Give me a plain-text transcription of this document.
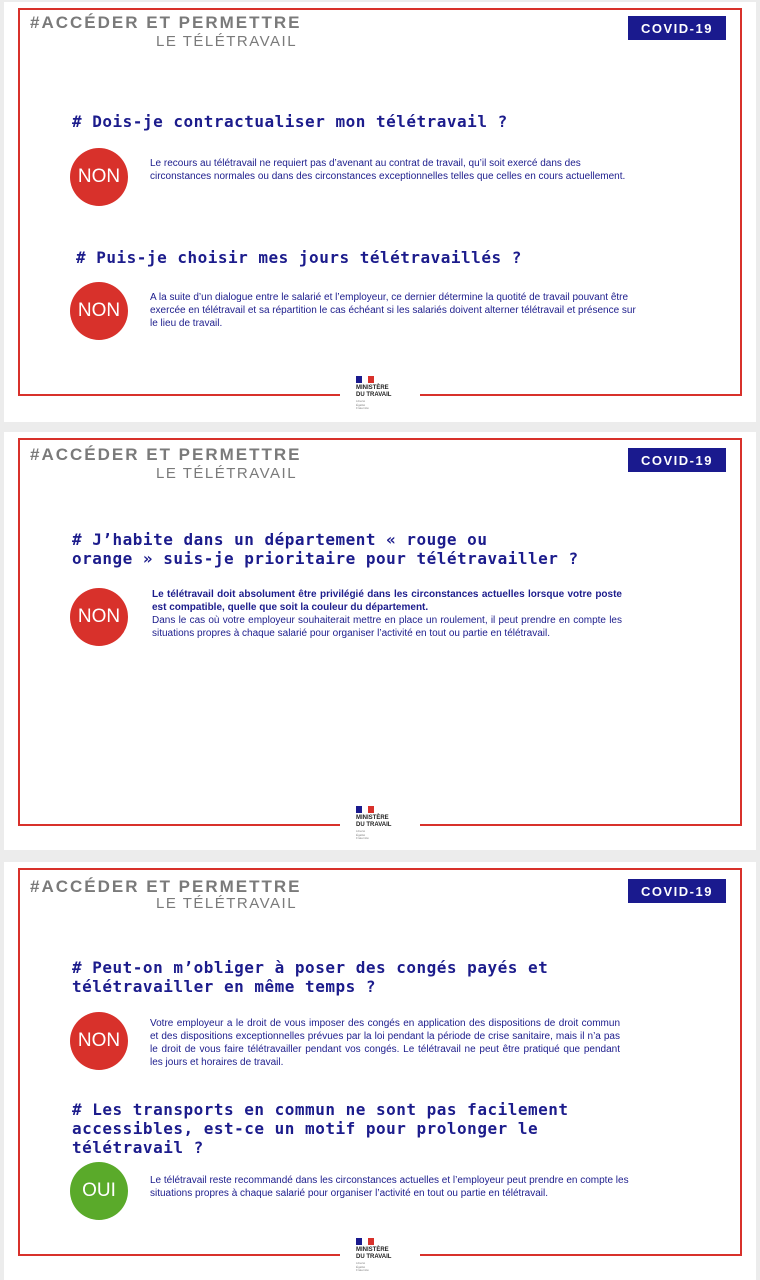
#ACCÉDER ET PERMETTRE
LE TÉLÉTRAVAIL
COVID-19
# Dois-je contractualiser mon télétravail ?
NON
Le recours au télétravail ne requiert pas d’avenant au contrat de travail, qu’il soit exercé dans des circonstances normales ou dans des circonstances exceptionnelles telles que celles en cours actuellement.
# Puis-je choisir mes jours télétravaillés ?
NON
A la suite d’un dialogue entre le salarié et l’employeur, ce dernier détermine la quotité de travail pouvant être exercée en télétravail et sa répartition le cas échéant si les salariés doivent alterner télétravail et présence sur le lieu de travail.
MINISTÈRE
DU TRAVAIL
Liberté
Égalité
Fraternité
#ACCÉDER ET PERMETTRE
LE TÉLÉTRAVAIL
COVID-19
# J’habite dans un département « rouge ou
orange » suis-je prioritaire pour télétravailler ?
NON

Le télétravail doit absolument être privilégié dans les circonstances actuelles lorsque votre poste est compatible, quelle que soit la couleur du département.

Dans le cas où votre employeur souhaiterait mettre en place un roulement, il peut prendre en compte les situations propres à chaque salarié pour organiser l’activité en tout ou partie en télétravail.

MINISTÈRE
DU TRAVAIL
Liberté
Égalité
Fraternité
#ACCÉDER ET PERMETTRE
LE TÉLÉTRAVAIL
COVID-19
# Peut-on m’obliger à poser des congés payés et
télétravailler en même temps ?
NON
Votre employeur a le droit de vous imposer des congés en application des dispositions de droit commun et des dispositions exceptionnelles prévues par la loi pendant la période de crise sanitaire, mais il n’a pas le droit de vous faire télétravailler pendant vos congés. Le télétravail ne peut être pratiqué que pendant les jours et horaires de travail.
# Les transports en commun ne sont pas facilement
accessibles, est-ce un motif pour prolonger le
télétravail ?
OUI	Le télétravail reste recommandé dans les circonstances actuelles et l’employeur peut prendre en compte les situations propres à chaque salarié pour organiser l’activité en tout ou partie en télétravail.
MINISTÈRE
DU TRAVAIL
Liberté
Égalité
Fraternité
